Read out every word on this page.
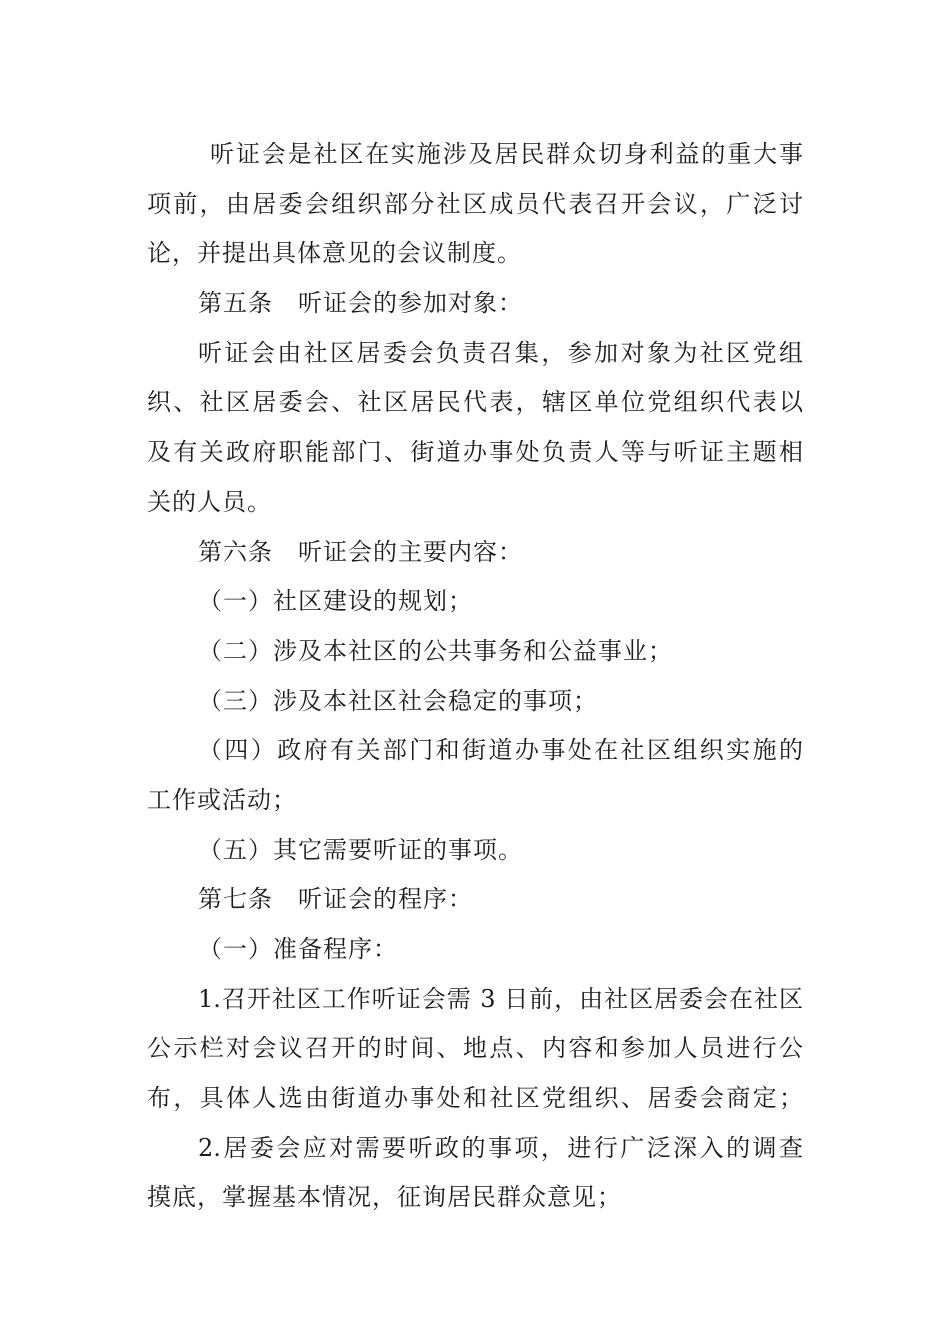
听证会是社区在实施涉及居民群众切身利益的重大事
项前，由居委会组织部分社区成员代表召开会议，广泛讨
论，并提出具体意见的会议制度。
第五条　听证会的参加对象：
听证会由社区居委会负责召集，参加对象为社区党组
织、社区居委会、社区居民代表，辖区单位党组织代表以
及有关政府职能部门、街道办事处负责人等与听证主题相
关的人员。
第六条　听证会的主要内容：
（一）社区建设的规划；
（二）涉及本社区的公共事务和公益事业；
（三）涉及本社区社会稳定的事项；
（四）政府有关部门和街道办事处在社区组织实施的
工作或活动；
（五）其它需要听证的事项。
第七条　听证会的程序：
（一）准备程序：
1.召开社区工作听证会需 3 日前，由社区居委会在社区
公示栏对会议召开的时间、地点、内容和参加人员进行公
布，具体人选由街道办事处和社区党组织、居委会商定；
2.居委会应对需要听政的事项，进行广泛深入的调查
摸底，掌握基本情况，征询居民群众意见；
